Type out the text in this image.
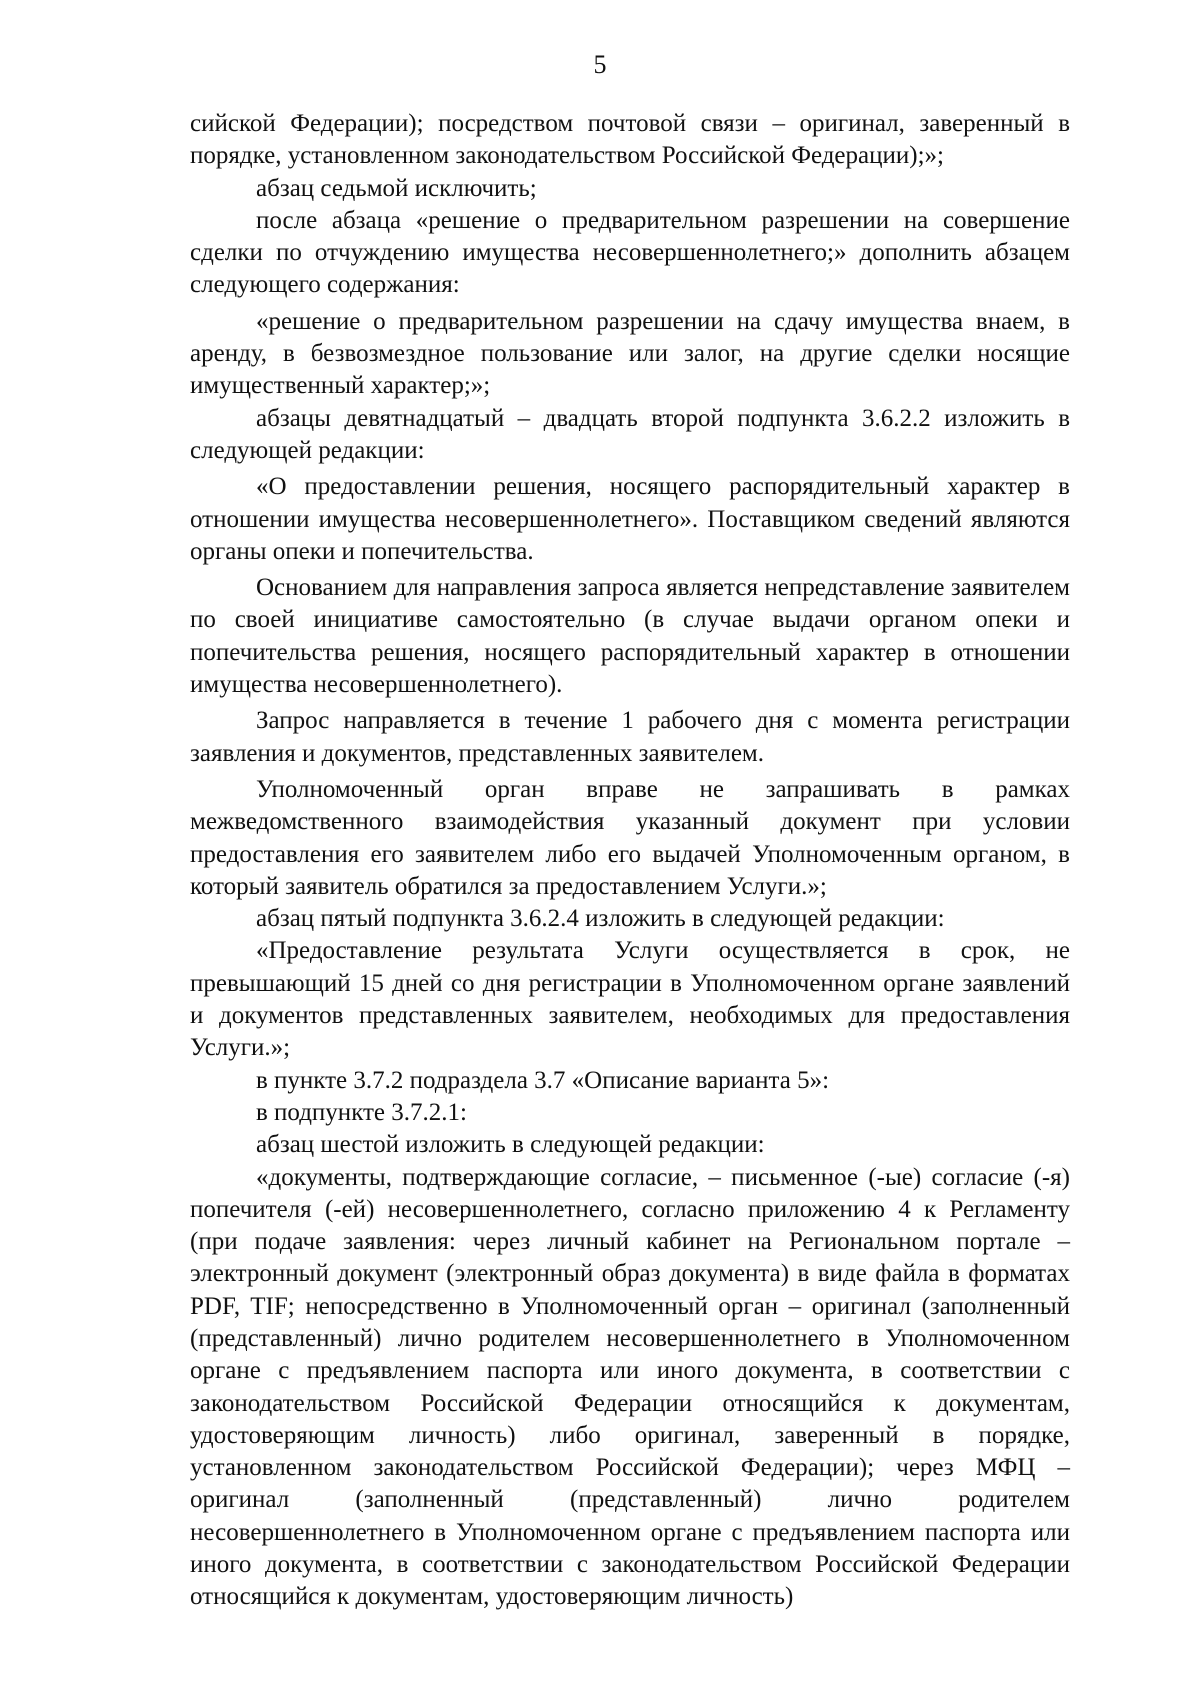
5

сийской Федерации); посредством почтовой связи – оригинал, заверенный в порядке, установленном законодательством Российской Федерации);»;

абзац седьмой исключить;

после абзаца «решение о предварительном разрешении на совершение сделки по отчуждению имущества несовершеннолетнего;» дополнить абзацем следующего содержания:

«решение о предварительном разрешении на сдачу имущества внаем, в аренду, в безвозмездное пользование или залог, на другие сделки носящие имущественный характер;»;

абзацы девятнадцатый – двадцать второй подпункта 3.6.2.2 изложить в следующей редакции:

«О предоставлении решения, носящего распорядительный характер в отношении имущества несовершеннолетнего». Поставщиком сведений являются органы опеки и попечительства.

Основанием для направления запроса является непредставление заявителем по своей инициативе самостоятельно (в случае выдачи органом опеки и попечительства решения, носящего распорядительный характер в отношении имущества несовершеннолетнего).

Запрос направляется в течение 1 рабочего дня с момента регистрации заявления и документов, представленных заявителем.

Уполномоченный орган вправе не запрашивать в рамках межведомственного взаимодействия указанный документ при условии предоставления его заявителем либо его выдачей Уполномоченным органом, в который заявитель обратился за предоставлением Услуги.»;

абзац пятый подпункта 3.6.2.4 изложить в следующей редакции:

«Предоставление результата Услуги осуществляется в срок, не превышающий 15 дней со дня регистрации в Уполномоченном органе заявлений и документов представленных заявителем, необходимых для предоставления Услуги.»;

в пункте 3.7.2 подраздела 3.7 «Описание варианта 5»:

в подпункте 3.7.2.1:

абзац шестой изложить в следующей редакции:

«документы, подтверждающие согласие, – письменное (-ые) согласие (-я) попечителя (-ей) несовершеннолетнего, согласно приложению 4 к Регламенту (при подаче заявления: через личный кабинет на Региональном портале – электронный документ (электронный образ документа) в виде файла в форматах PDF, TIF; непосредственно в Уполномоченный орган – оригинал (заполненный (представленный) лично родителем несовершеннолетнего в Уполномоченном органе с предъявлением паспорта или иного документа, в соответствии с законодательством Российской Федерации относящийся к документам, удостоверяющим личность) либо оригинал, заверенный в порядке, установленном законодательством Российской Федерации); через МФЦ – оригинал (заполненный (представленный) лично родителем несовершеннолетнего в Уполномоченном органе с предъявлением паспорта или иного документа, в соответствии с законодательством Российской Федерации относящийся к документам, удостоверяющим личность)
